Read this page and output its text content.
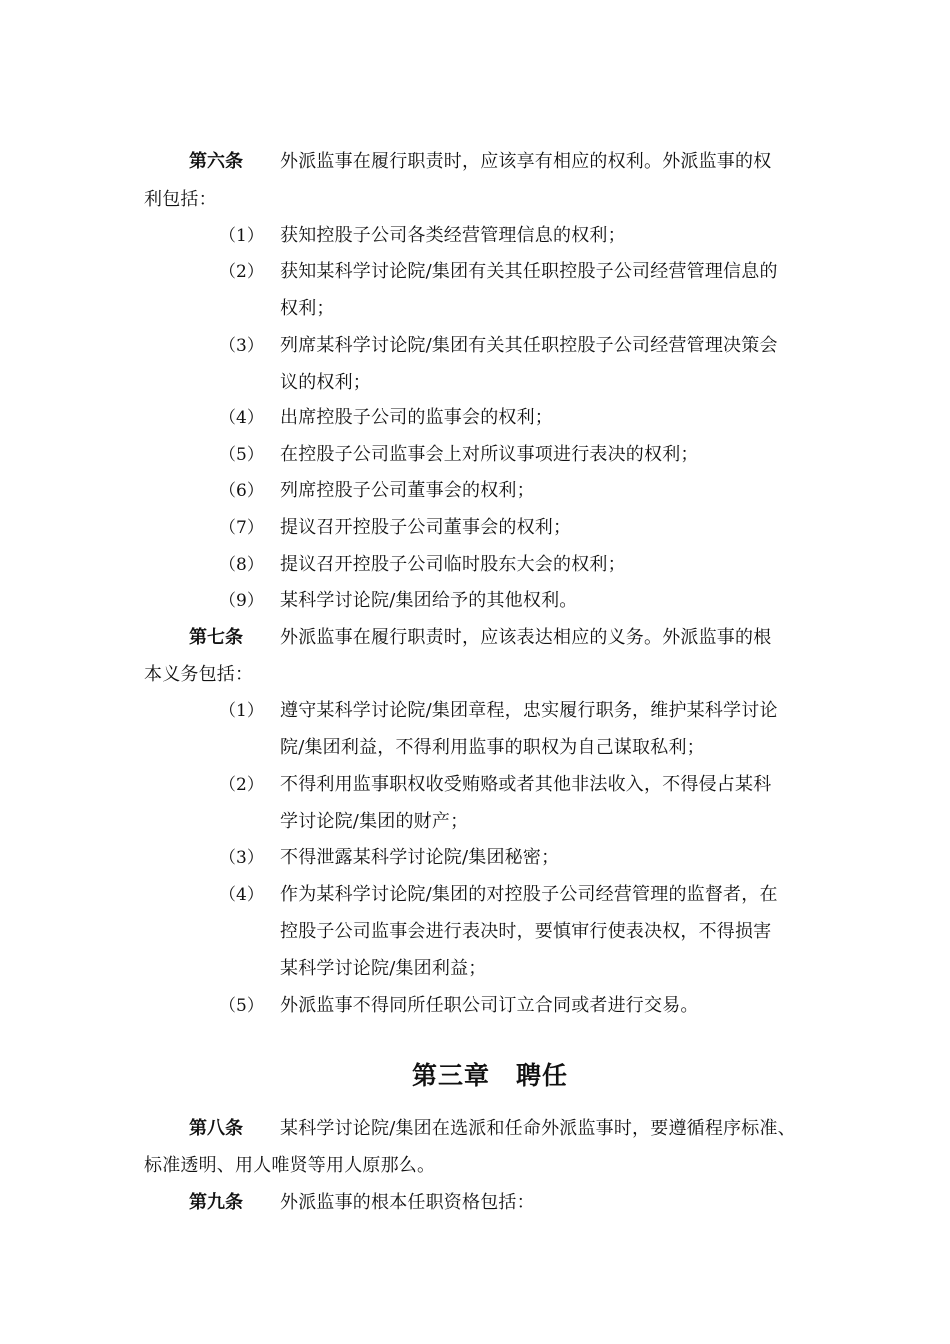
第六条 外派监事在履行职责时，应该享有相应的权利。外派监事的权
利包括：
（1） 获知控股子公司各类经营管理信息的权利；
（2） 获知某科学讨论院/集团有关其任职控股子公司经营管理信息的
权利；
（3） 列席某科学讨论院/集团有关其任职控股子公司经营管理决策会
议的权利；
（4） 出席控股子公司的监事会的权利；
（5） 在控股子公司监事会上对所议事项进行表决的权利；
（6） 列席控股子公司董事会的权利；
（7） 提议召开控股子公司董事会的权利；
（8） 提议召开控股子公司临时股东大会的权利；
（9） 某科学讨论院/集团给予的其他权利。
第七条 外派监事在履行职责时，应该表达相应的义务。外派监事的根
本义务包括：
（1） 遵守某科学讨论院/集团章程，忠实履行职务，维护某科学讨论
院/集团利益，不得利用监事的职权为自己谋取私利；
（2） 不得利用监事职权收受贿赂或者其他非法收入，不得侵占某科
学讨论院/集团的财产；
（3） 不得泄露某科学讨论院/集团秘密；
（4） 作为某科学讨论院/集团的对控股子公司经营管理的监督者，在
控股子公司监事会进行表决时，要慎审行使表决权，不得损害
某科学讨论院/集团利益；
（5） 外派监事不得同所任职公司订立合同或者进行交易。
第三章 聘任
第八条 某科学讨论院/集团在选派和任命外派监事时，要遵循程序标准、
标准透明、用人唯贤等用人原那么。
第九条 外派监事的根本任职资格包括：
